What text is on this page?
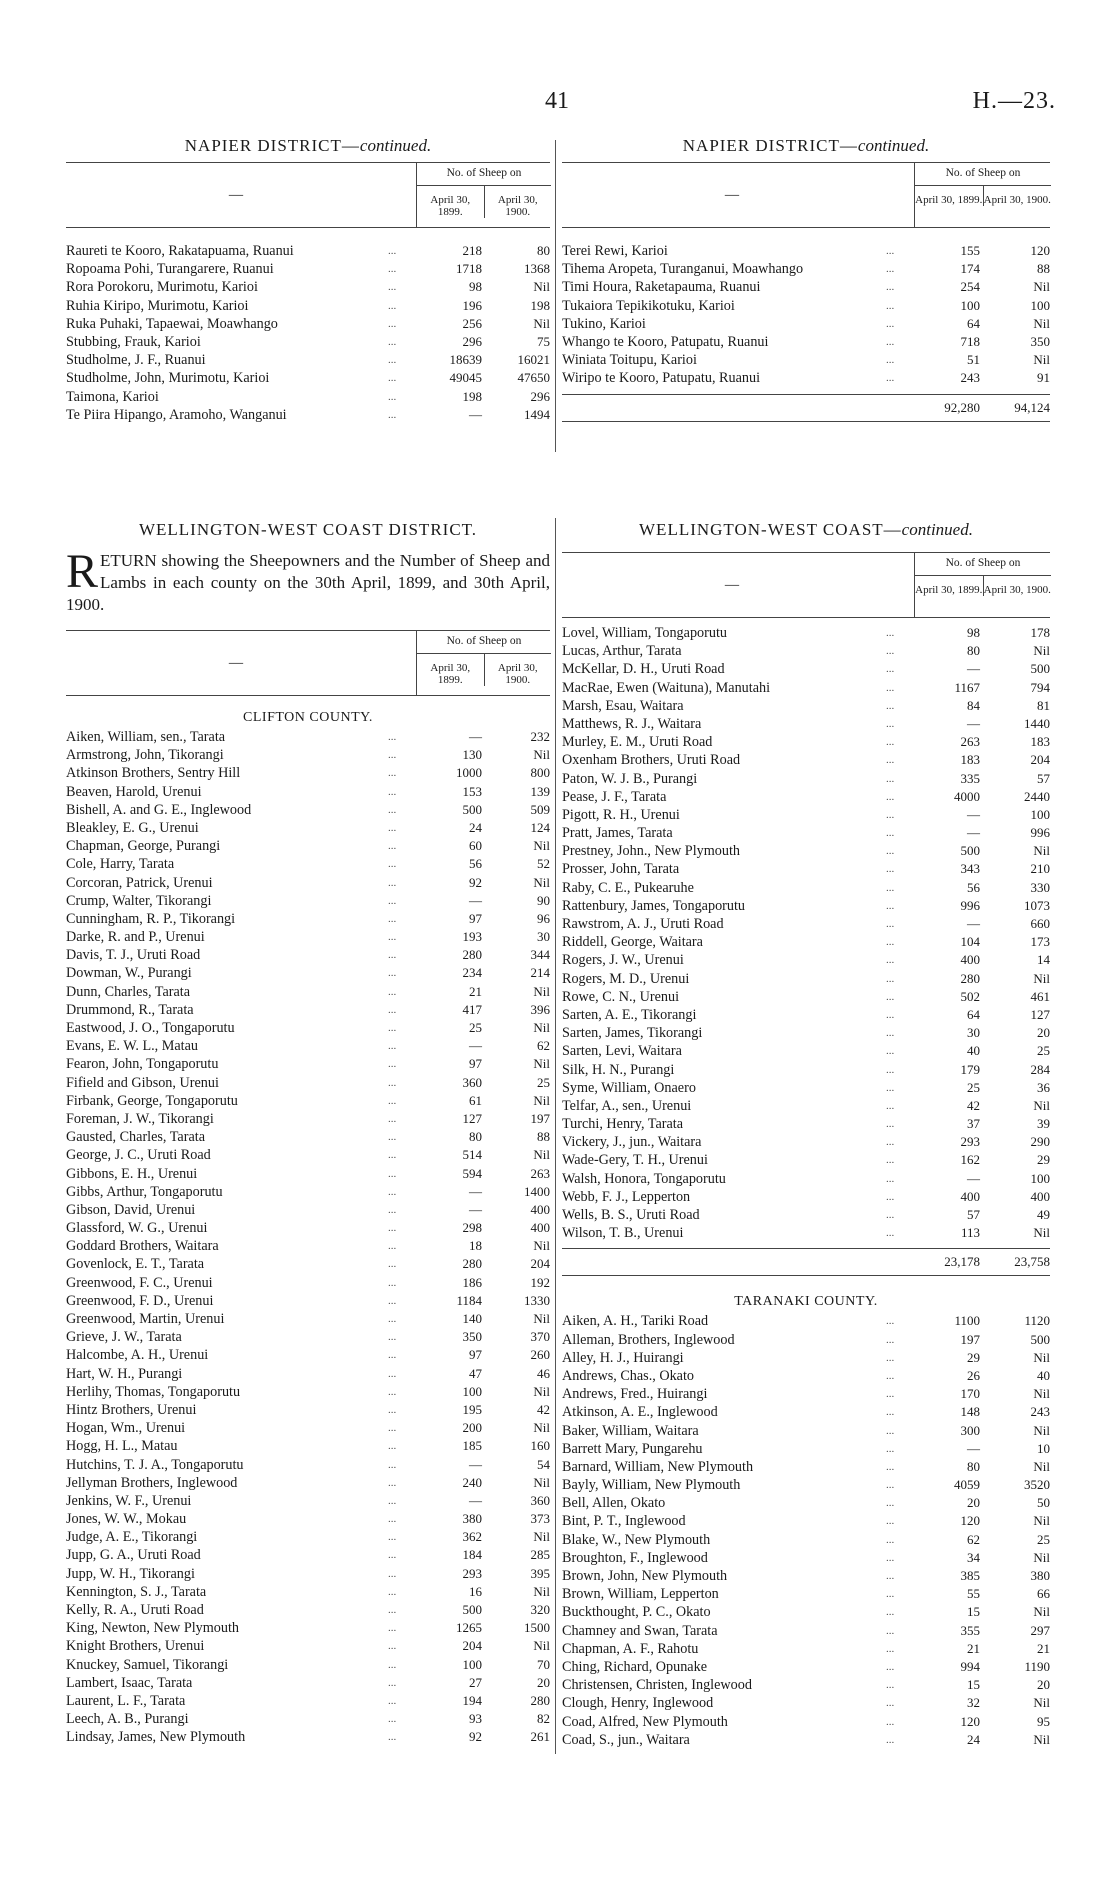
41	H.—23.
NAPIER DISTRICT—continued.
—
No. of Sheep on
April 30, 1899.
April 30, 1900.
Raureti te Kooro, Rakatapuama, Ruanui	...	218	80
Ropoama Pohi, Turangarere, Ruanui	...	1718	1368
Rora Porokoru, Murimotu, Karioi	...	98	Nil
Ruhia Kiripo, Murimotu, Karioi	...	196	198
Ruka Puhaki, Tapaewai, Moawhango	...	256	Nil
Stubbing, Frauk, Karioi	...	296	75
Studholme, J. F., Ruanui	...	18639	16021
Studholme, John, Murimotu, Karioi	...	49045	47650
Taimona, Karioi	...	198	296
Te Piira Hipango, Aramoho, Wanganui	...	—	1494
NAPIER DISTRICT—continued.
—
No. of Sheep on
April 30, 1899. April 30, 1900.
Terei Rewi, Karioi	...	155	120
Tihema Aropeta, Turanganui, Moawhango	...	174	88
Timi Houra, Raketapauma, Ruanui	...	254	Nil
Tukaiora Tepikikotuku, Karioi	...	100	100
Tukino, Karioi	...	64	Nil
Whango te Kooro, Patupatu, Ruanui	...	718	350
Winiata Toitupu, Karioi	...	51	Nil
Wiripo te Kooro, Patupatu, Ruanui	...	243	91
92,280	94,124
WELLINGTON-WEST COAST DISTRICT.
RETURN showing the Sheepowners and the Number of Sheep and Lambs in each county on the 30th April, 1899, and 30th April, 1900.
—
No. of Sheep on
April 30, 1899.
April 30, 1900.
CLIFTON COUNTY.
Aiken, William, sen., Tarata	...	—	232
Armstrong, John, Tikorangi	...	130	Nil
Atkinson Brothers, Sentry Hill	...	1000	800
Beaven, Harold, Urenui	...	153	139
Bishell, A. and G. E., Inglewood	...	500	509
Bleakley, E. G., Urenui	...	24	124
Chapman, George, Purangi	...	60	Nil
Cole, Harry, Tarata	...	56	52
Corcoran, Patrick, Urenui	...	92	Nil
Crump, Walter, Tikorangi	...	—	90
Cunningham, R. P., Tikorangi	...	97	96
Darke, R. and P., Urenui	...	193	30
Davis, T. J., Uruti Road	...	280	344
Dowman, W., Purangi	...	234	214
Dunn, Charles, Tarata	...	21	Nil
Drummond, R., Tarata	...	417	396
Eastwood, J. O., Tongaporutu	...	25	Nil
Evans, E. W. L., Matau	...	—	62
Fearon, John, Tongaporutu	...	97	Nil
Fifield and Gibson, Urenui	...	360	25
Firbank, George, Tongaporutu	...	61	Nil
Foreman, J. W., Tikorangi	...	127	197
Gausted, Charles, Tarata	...	80	88
George, J. C., Uruti Road	...	514	Nil
Gibbons, E. H., Urenui	...	594	263
Gibbs, Arthur, Tongaporutu	...	—	1400
Gibson, David, Urenui	...	—	400
Glassford, W. G., Urenui	...	298	400
Goddard Brothers, Waitara	...	18	Nil
Govenlock, E. T., Tarata	...	280	204
Greenwood, F. C., Urenui	...	186	192
Greenwood, F. D., Urenui	...	1184	1330
Greenwood, Martin, Urenui	...	140	Nil
Grieve, J. W., Tarata	...	350	370
Halcombe, A. H., Urenui	...	97	260
Hart, W. H., Purangi	...	47	46
Herlihy, Thomas, Tongaporutu	...	100	Nil
Hintz Brothers, Urenui	...	195	42
Hogan, Wm., Urenui	...	200	Nil
Hogg, H. L., Matau	...	185	160
Hutchins, T. J. A., Tongaporutu	...	—	54
Jellyman Brothers, Inglewood	...	240	Nil
Jenkins, W. F., Urenui	...	—	360
Jones, W. W., Mokau	...	380	373
Judge, A. E., Tikorangi	...	362	Nil
Jupp, G. A., Uruti Road	...	184	285
Jupp, W. H., Tikorangi	...	293	395
Kennington, S. J., Tarata	...	16	Nil
Kelly, R. A., Uruti Road	...	500	320
King, Newton, New Plymouth	...	1265	1500
Knight Brothers, Urenui	...	204	Nil
Knuckey, Samuel, Tikorangi	...	100	70
Lambert, Isaac, Tarata	...	27	20
Laurent, L. F., Tarata	...	194	280
Leech, A. B., Purangi	...	93	82
Lindsay, James, New Plymouth	...	92	261
WELLINGTON-WEST COAST—continued.
—
No. of Sheep on
April 30, 1899. April 30, 1900.
Lovel, William, Tongaporutu	...	98	178
Lucas, Arthur, Tarata	...	80	Nil
McKellar, D. H., Uruti Road	...	—	500
MacRae, Ewen (Waituna), Manutahi	...	1167	794
Marsh, Esau, Waitara	...	84	81
Matthews, R. J., Waitara	...	—	1440
Murley, E. M., Uruti Road	...	263	183
Oxenham Brothers, Uruti Road	...	183	204
Paton, W. J. B., Purangi	...	335	57
Pease, J. F., Tarata	...	4000	2440
Pigott, R. H., Urenui	...	—	100
Pratt, James, Tarata	...	—	996
Prestney, John., New Plymouth	...	500	Nil
Prosser, John, Tarata	...	343	210
Raby, C. E., Pukearuhe	...	56	330
Rattenbury, James, Tongaporutu	...	996	1073
Rawstrom, A. J., Uruti Road	...	—	660
Riddell, George, Waitara	...	104	173
Rogers, J. W., Urenui	...	400	14
Rogers, M. D., Urenui	...	280	Nil
Rowe, C. N., Urenui	...	502	461
Sarten, A. E., Tikorangi	...	64	127
Sarten, James, Tikorangi	...	30	20
Sarten, Levi, Waitara	...	40	25
Silk, H. N., Purangi	...	179	284
Syme, William, Onaero	...	25	36
Telfar, A., sen., Urenui	...	42	Nil
Turchi, Henry, Tarata	...	37	39
Vickery, J., jun., Waitara	...	293	290
Wade-Gery, T. H., Urenui	...	162	29
Walsh, Honora, Tongaporutu	...	—	100
Webb, F. J., Lepperton	...	400	400
Wells, B. S., Uruti Road	...	57	49
Wilson, T. B., Urenui	...	113	Nil
23,178	23,758
TARANAKI COUNTY.
Aiken, A. H., Tariki Road	...	1100	1120
Alleman, Brothers, Inglewood	...	197	500
Alley, H. J., Huirangi	...	29	Nil
Andrews, Chas., Okato	...	26	40
Andrews, Fred., Huirangi	...	170	Nil
Atkinson, A. E., Inglewood	...	148	243
Baker, William, Waitara	...	300	Nil
Barrett Mary, Pungarehu	...	—	10
Barnard, William, New Plymouth	...	80	Nil
Bayly, William, New Plymouth	...	4059	3520
Bell, Allen, Okato	...	20	50
Bint, P. T., Inglewood	...	120	Nil
Blake, W., New Plymouth	...	62	25
Broughton, F., Inglewood	...	34	Nil
Brown, John, New Plymouth	...	385	380
Brown, William, Lepperton	...	55	66
Buckthought, P. C., Okato	...	15	Nil
Chamney and Swan, Tarata	...	355	297
Chapman, A. F., Rahotu	...	21	21
Ching, Richard, Opunake	...	994	1190
Christensen, Christen, Inglewood	...	15	20
Clough, Henry, Inglewood	...	32	Nil
Coad, Alfred, New Plymouth	...	120	95
Coad, S., jun., Waitara	...	24	Nil
